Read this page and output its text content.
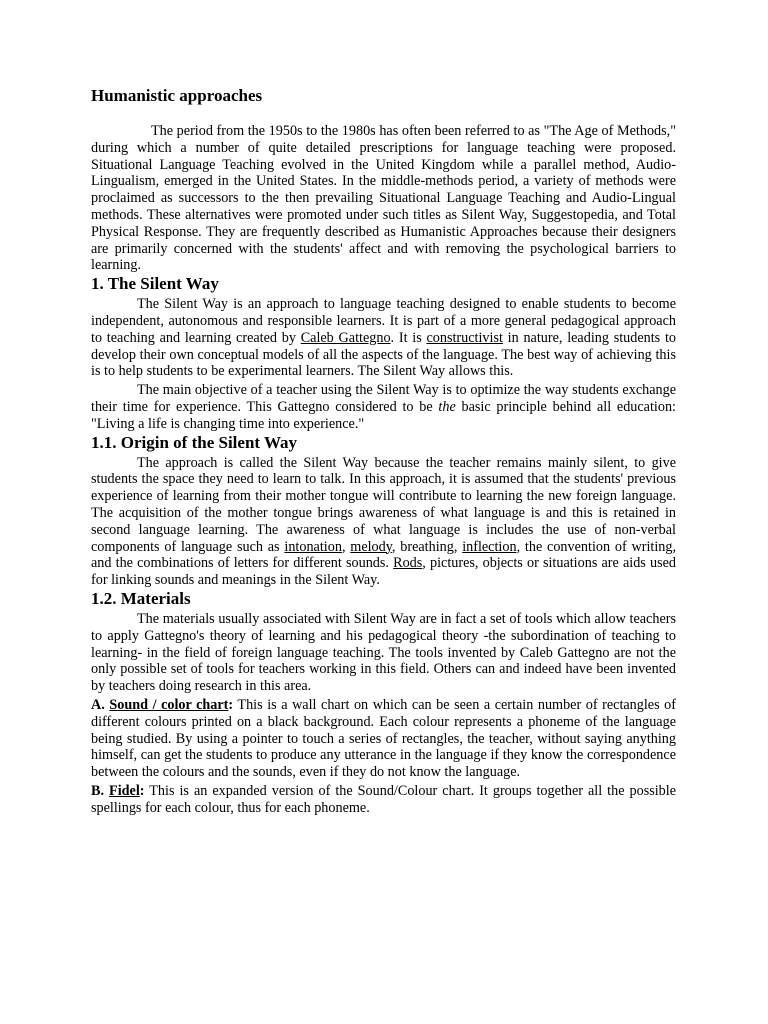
Humanistic approaches

The period from the 1950s to the 1980s has often been referred to as "The Age of Methods," during which a number of quite detailed prescriptions for language teaching were proposed. Situational Language Teaching evolved in the United Kingdom while a parallel method, Audio-Lingualism, emerged in the United States. In the middle-methods period, a variety of methods were proclaimed as successors to the then prevailing Situational Language Teaching and Audio-Lingual methods. These alternatives were promoted under such titles as Silent Way, Suggestopedia, and Total Physical Response. They are frequently described as Humanistic Approaches because their designers are primarily concerned with the students' affect and with removing the psychological barriers to learning.

1. The Silent Way

The Silent Way is an approach to language teaching designed to enable students to become independent, autonomous and responsible learners. It is part of a more general pedagogical approach to teaching and learning created by Caleb Gattegno. It is constructivist in nature, leading students to develop their own conceptual models of all the aspects of the language. The best way of achieving this is to help students to be experimental learners. The Silent Way allows this.

The main objective of a teacher using the Silent Way is to optimize the way students exchange their time for experience. This Gattegno considered to be the basic principle behind all education: "Living a life is changing time into experience."

1.1. Origin of the Silent Way

The approach is called the Silent Way because the teacher remains mainly silent, to give students the space they need to learn to talk. In this approach, it is assumed that the students' previous experience of learning from their mother tongue will contribute to learning the new foreign language. The acquisition of the mother tongue brings awareness of what language is and this is retained in second language learning. The awareness of what language is includes the use of non-verbal components of language such as intonation, melody, breathing, inflection, the convention of writing, and the combinations of letters for different sounds. Rods, pictures, objects or situations are aids used for linking sounds and meanings in the Silent Way.

1.2. Materials

The materials usually associated with Silent Way are in fact a set of tools which allow teachers to apply Gattegno's theory of learning and his pedagogical theory -the subordination of teaching to learning- in the field of foreign language teaching. The tools invented by Caleb Gattegno are not the only possible set of tools for teachers working in this field. Others can and indeed have been invented by teachers doing research in this area.

A. Sound / color chart: This is a wall chart on which can be seen a certain number of rectangles of different colours printed on a black background. Each colour represents a phoneme of the language being studied. By using a pointer to touch a series of rectangles, the teacher, without saying anything himself, can get the students to produce any utterance in the language if they know the correspondence between the colours and the sounds, even if they do not know the language.

B. Fidel: This is an expanded version of the Sound/Colour chart. It groups together all the possible spellings for each colour, thus for each phoneme.
